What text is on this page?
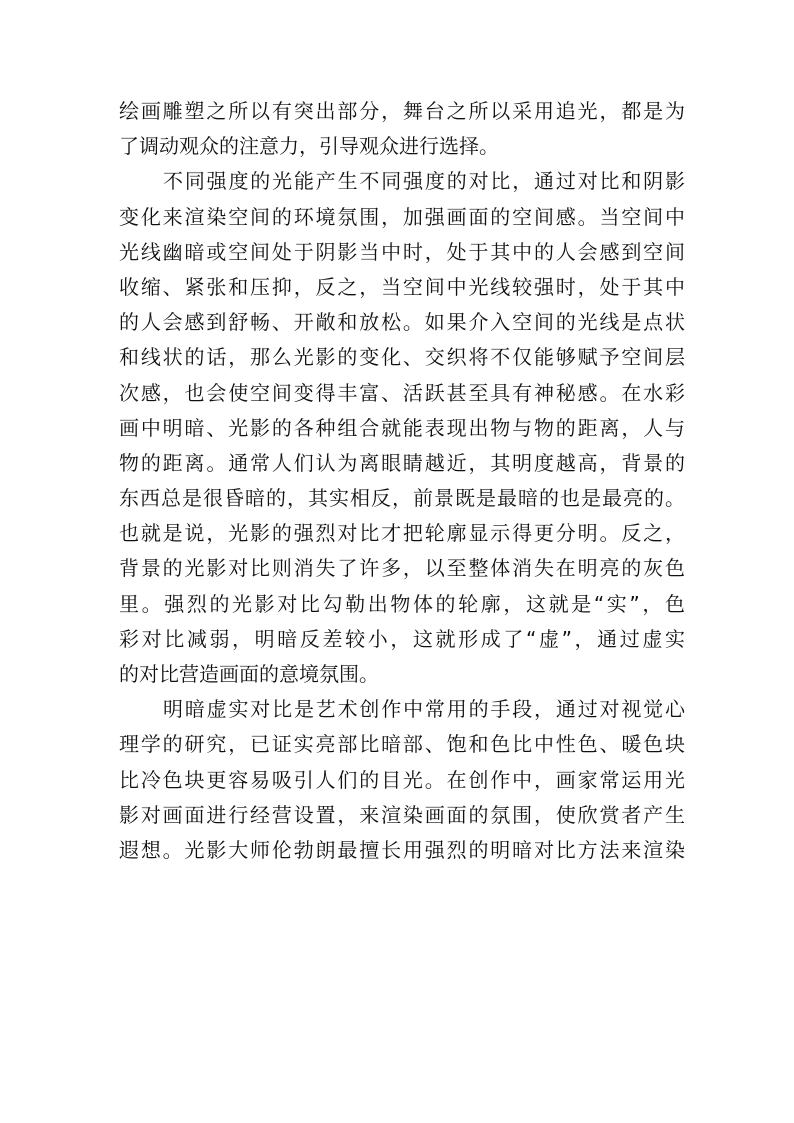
绘画雕塑之所以有突出部分，舞台之所以采用追光，都是为
了调动观众的注意力，引导观众进行选择。
不同强度的光能产生不同强度的对比，通过对比和阴影
变化来渲染空间的环境氛围，加强画面的空间感。当空间中
光线幽暗或空间处于阴影当中时，处于其中的人会感到空间
收缩、紧张和压抑，反之，当空间中光线较强时，处于其中
的人会感到舒畅、开敞和放松。如果介入空间的光线是点状
和线状的话，那么光影的变化、交织将不仅能够赋予空间层
次感，也会使空间变得丰富、活跃甚至具有神秘感。在水彩
画中明暗、光影的各种组合就能表现出物与物的距离，人与
物的距离。通常人们认为离眼睛越近，其明度越高，背景的
东西总是很昏暗的，其实相反，前景既是最暗的也是最亮的。
也就是说，光影的强烈对比才把轮廓显示得更分明。反之，
背景的光影对比则消失了许多，以至整体消失在明亮的灰色
里。强烈的光影对比勾勒出物体的轮廓，这就是“实”，色
彩对比减弱，明暗反差较小，这就形成了“虚”，通过虚实
的对比营造画面的意境氛围。
明暗虚实对比是艺术创作中常用的手段，通过对视觉心
理学的研究，已证实亮部比暗部、饱和色比中性色、暖色块
比冷色块更容易吸引人们的目光。在创作中，画家常运用光
影对画面进行经营设置，来渲染画面的氛围，使欣赏者产生
遐想。光影大师伦勃朗最擅长用强烈的明暗对比方法来渲染
